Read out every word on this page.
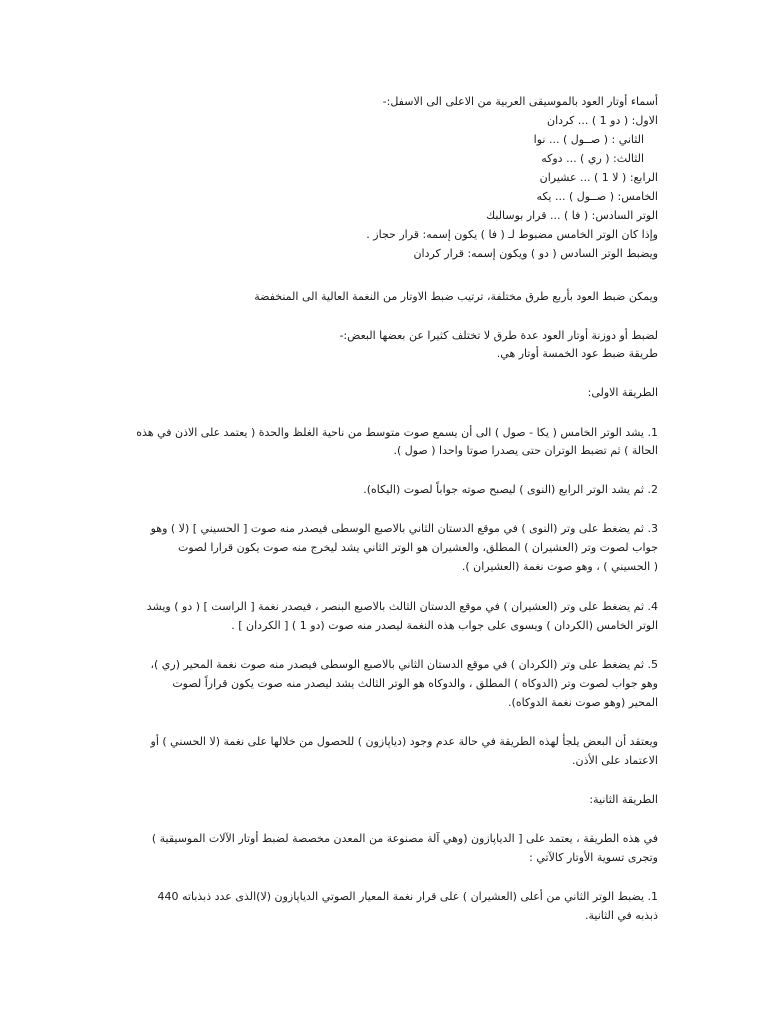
أسماء أوتار العود بالموسيقى العربية من الاعلى الى الاسفل:-
الاول: ( دو 1 ) ... كردان
الثاني : ( صــول ) ... نوا
الثالث: ( ري ) ... دوكه
الرابع: ( لا 1 ) ... عشيران
الخامس: ( صــول ) ... يكه
الوتر السادس: ( فا ) ... قرار بوسالبك
وإذا كان الوتر الخامس مضبوط لـ ( فا ) يكون إسمه: قرار حجاز .
ويضبط الوتر السادس ( دو ) ويكون إسمه: قرار كردان
ويمكن ضبط العود بأربع طرق مختلفة، ترتيب ضبط الاوتار من النغمة العالية الى المنخفضة
لضبط أو دوزنة أوتار العود عدة طرق لا تختلف كثيرا عن بعضها البعض:-
طريقة ضبط عود الخمسة أوتار هي.
الطريقة الاولى:
1. يشد الوتر الخامس ( يكا - صول ) الى أن يسمع صوت متوسط من ناحية الغلظ والحدة ( يعتمد على الاذن في هذه
الحالة ) ثم تضبط الوتران حتى يصدرا صوتا واحدا ( صول ).
2. ثم يشد الوتر الرابع (النوى ) ليصبح صوته جواباً لصوت (اليكاه).
3. ثم يضغط على وتر (النوى ) في موقع الدستان الثاني بالاصبع الوسطى فيصدر منه صوت [ الحسيني ] (لا ) وهو
جواب لصوت وتر (العشيران ) المطلق، والعشيران هو الوتر الثاني يشد ليخرج منه صوت يكون قرارا لصوت
( الحسيني ) ، وهو صوت نغمة (العشيران ).
4. ثم يضغط على وتر (العشيران ) في موقع الدستان الثالث بالاصبع البنصر ، فيصدر نغمة [ الراست ] ( دو ) ويشد
الوتر الخامس (الكردان ) ويسوى على جواب هذه النغمة ليصدر منه صوت (دو 1 ) [ الكردان ] .
5. ثم يضغط على وتر (الكردان ) في موقع الدستان الثاني بالاصبع الوسطى فيصدر منه صوت نغمة المحير (ري )،
وهو جواب لصوت وتر (الدوكاه ) المطلق ، والدوكاه هو الوتر الثالث يشد ليصدر منه صوت يكون قراراً لصوت
المحير (وهو صوت نغمة الدوكاه).
ويعتقد أن البعض يلجأ لهذه الطريقة في حالة عدم وجود (دياپازون ) للحصول من خلالها على نغمة (لا الحسني ) أو
الاعتماد على الأذن.
الطريقة الثانية:
في هذه الطريقة ، يعتمد على [ الدياپازون (وهي آلة مصنوعة من المعدن مخصصة لضبط أوتار الآلات الموسيقية )
وتجرى تسوية الأوتار كالآتي :
1. يضبط الوتر الثاني من أعلى (العشيران ) على قرار نغمة المعيار الصوتي الدياپازون (لا)الذى عدد ذبذباته 440
ذبذبه في الثانية.
